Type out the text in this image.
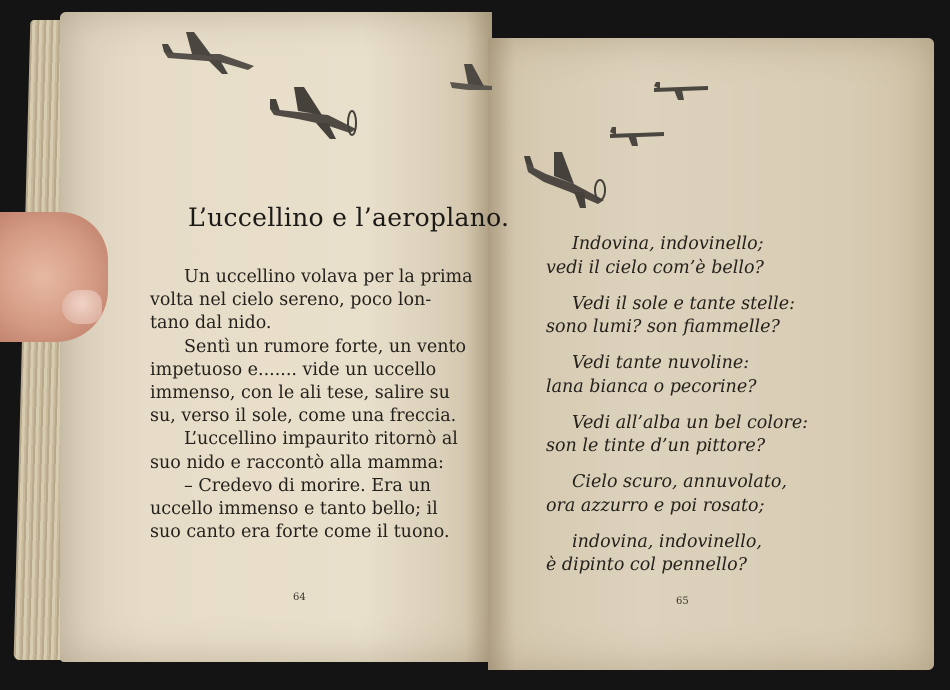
L’uccellino e l’aeroplano.
Un uccellino volava per la prima
volta nel cielo sereno, poco lon-
tano dal nido.
Sentì un rumore forte, un vento
impetuoso e....... vide un uccello
immenso, con le ali tese, salire su
su, verso il sole, come una freccia.
L’uccellino impaurito ritornò al
suo nido e raccontò alla mamma:
– Credevo di morire. Era un
uccello immenso e tanto bello; il
suo canto era forte come il tuono.
64
Indovina, indovinello;
vedi il cielo com’è bello?
Vedi il sole e tante stelle:
sono lumi? son fiammelle?
Vedi tante nuvoline:
lana bianca o pecorine?
Vedi all’alba un bel colore:
son le tinte d’un pittore?
Cielo scuro, annuvolato,
ora azzurro e poi rosato;
indovina, indovinello,
è dipinto col pennello?
65
